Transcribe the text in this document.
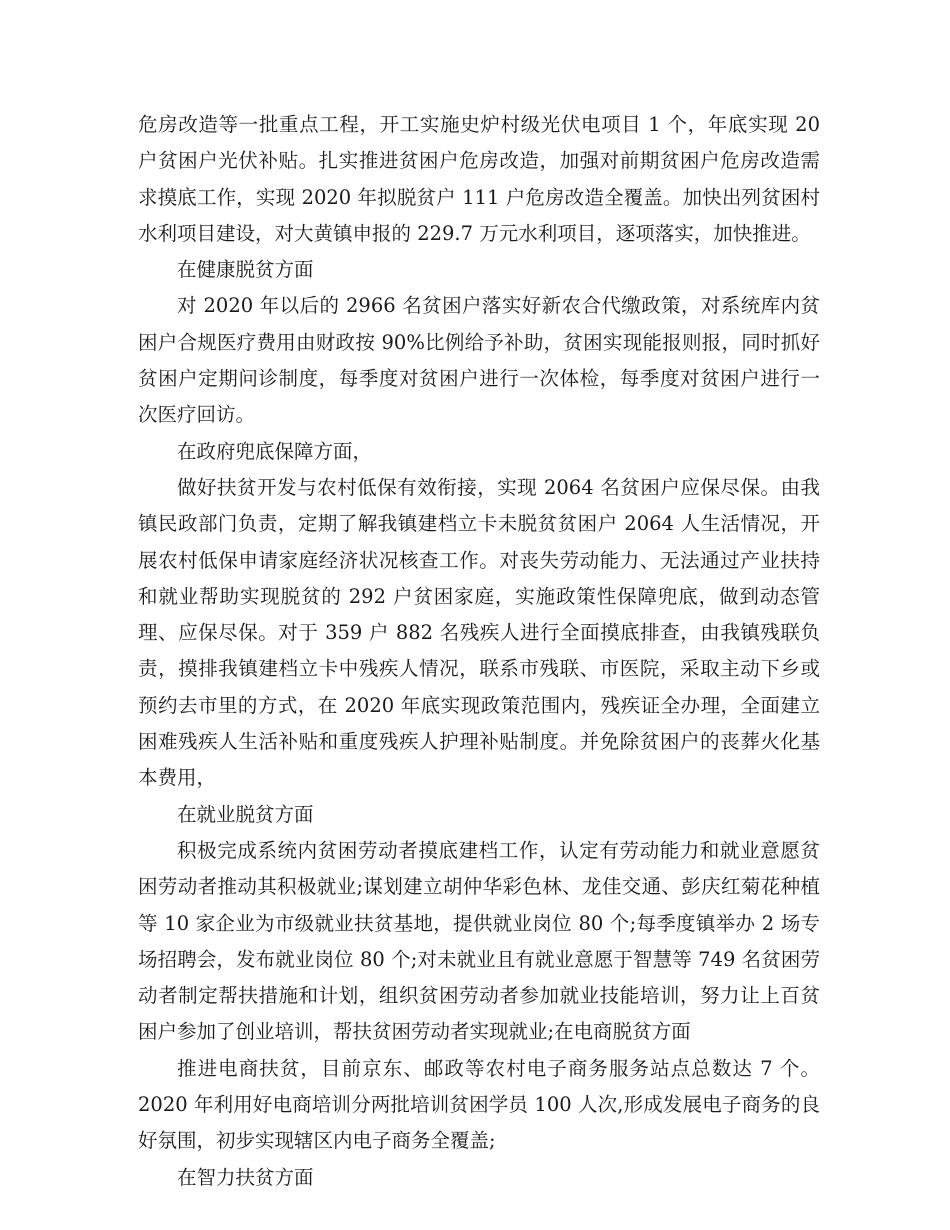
危房改造等一批重点工程，开工实施史炉村级光伏电项目 1 个，年底实现 20 户贫困户光伏补贴。扎实推进贫困户危房改造，加强对前期贫困户危房改造需求摸底工作，实现 2020 年拟脱贫户 111 户危房改造全覆盖。加快出列贫困村水利项目建设，对大黄镇申报的 229.7 万元水利项目，逐项落实，加快推进。

在健康脱贫方面

对 2020 年以后的 2966 名贫困户落实好新农合代缴政策，对系统库内贫困户合规医疗费用由财政按 90%比例给予补助，贫困实现能报则报，同时抓好贫困户定期问诊制度，每季度对贫困户进行一次体检，每季度对贫困户进行一次医疗回访。

在政府兜底保障方面，

做好扶贫开发与农村低保有效衔接，实现 2064 名贫困户应保尽保。由我镇民政部门负责，定期了解我镇建档立卡未脱贫贫困户 2064 人生活情况，开展农村低保申请家庭经济状况核查工作。对丧失劳动能力、无法通过产业扶持和就业帮助实现脱贫的 292 户贫困家庭，实施政策性保障兜底，做到动态管理、应保尽保。对于 359 户 882 名残疾人进行全面摸底排查，由我镇残联负责，摸排我镇建档立卡中残疾人情况，联系市残联、市医院，采取主动下乡或预约去市里的方式，在 2020 年底实现政策范围内，残疾证全办理，全面建立困难残疾人生活补贴和重度残疾人护理补贴制度。并免除贫困户的丧葬火化基本费用，

在就业脱贫方面

积极完成系统内贫困劳动者摸底建档工作，认定有劳动能力和就业意愿贫困劳动者推动其积极就业;谋划建立胡仲华彩色林、龙佳交通、彭庆红菊花种植等 10 家企业为市级就业扶贫基地，提供就业岗位 80 个;每季度镇举办 2 场专场招聘会，发布就业岗位 80 个;对未就业且有就业意愿于智慧等 749 名贫困劳动者制定帮扶措施和计划，组织贫困劳动者参加就业技能培训，努力让上百贫困户参加了创业培训，帮扶贫困劳动者实现就业;在电商脱贫方面

推进电商扶贫，目前京东、邮政等农村电子商务服务站点总数达 7 个。2020 年利用好电商培训分两批培训贫困学员 100 人次,形成发展电子商务的良好氛围，初步实现辖区内电子商务全覆盖;

在智力扶贫方面
